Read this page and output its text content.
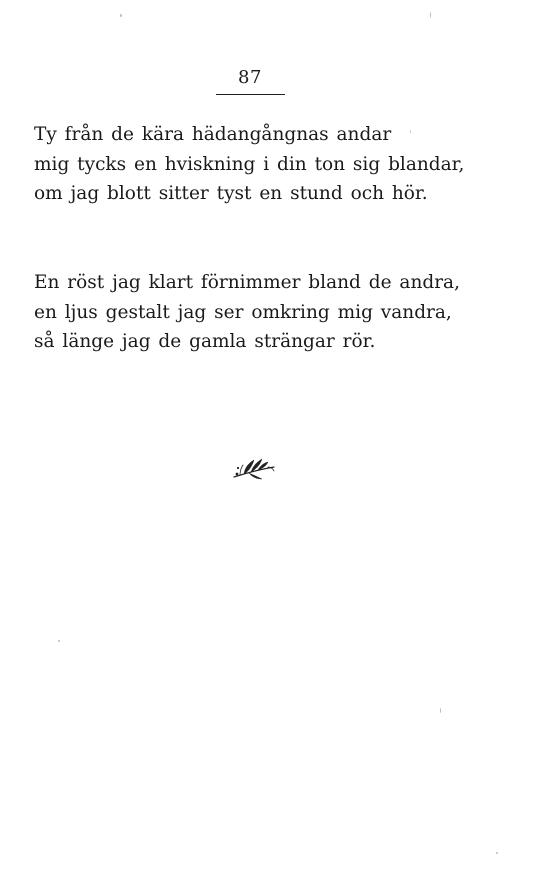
87

Ty från de kära hädangångnas andar
mig tycks en hviskning i din ton sig blandar,
om jag blott sitter tyst en stund och hör.

En röst jag klart förnimmer bland de andra,
en ljus gestalt jag ser omkring mig vandra,
så länge jag de gamla strängar rör.
